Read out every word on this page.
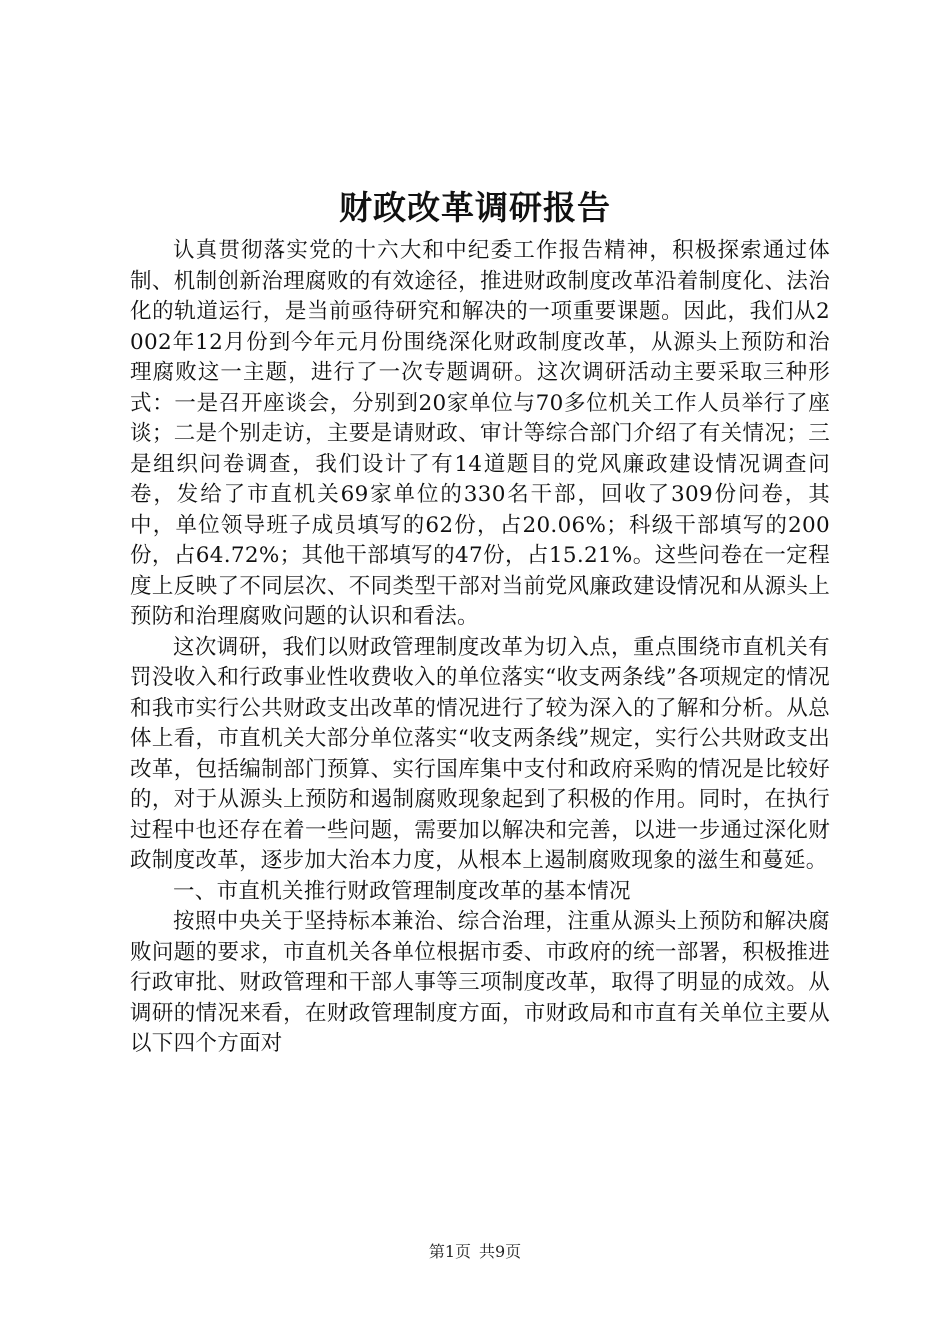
财政改革调研报告

认真贯彻落实党的十六大和中纪委工作报告精神，积极探索通过体制、机制创新治理腐败的有效途径，推进财政制度改革沿着制度化、法治化的轨道运行，是当前亟待研究和解决的一项重要课题。因此，我们从2002年12月份到今年元月份围绕深化财政制度改革，从源头上预防和治理腐败这一主题，进行了一次专题调研。这次调研活动主要采取三种形式：一是召开座谈会，分别到20家单位与70多位机关工作人员举行了座谈；二是个别走访，主要是请财政、审计等综合部门介绍了有关情况；三是组织问卷调查，我们设计了有14道题目的党风廉政建设情况调查问卷，发给了市直机关69家单位的330名干部，回收了309份问卷，其中，单位领导班子成员填写的62份，占20.06%；科级干部填写的200份，占64.72%；其他干部填写的47份，占15.21%。这些问卷在一定程度上反映了不同层次、不同类型干部对当前党风廉政建设情况和从源头上预防和治理腐败问题的认识和看法。

这次调研，我们以财政管理制度改革为切入点，重点围绕市直机关有罚没收入和行政事业性收费收入的单位落实“收支两条线”各项规定的情况和我市实行公共财政支出改革的情况进行了较为深入的了解和分析。从总体上看，市直机关大部分单位落实“收支两条线”规定，实行公共财政支出改革，包括编制部门预算、实行国库集中支付和政府采购的情况是比较好的，对于从源头上预防和遏制腐败现象起到了积极的作用。同时，在执行过程中也还存在着一些问题，需要加以解决和完善，以进一步通过深化财政制度改革，逐步加大治本力度，从根本上遏制腐败现象的滋生和蔓延。

一、市直机关推行财政管理制度改革的基本情况

按照中央关于坚持标本兼治、综合治理，注重从源头上预防和解决腐败问题的要求，市直机关各单位根据市委、市政府的统一部署，积极推进行政审批、财政管理和干部人事等三项制度改革，取得了明显的成效。从调研的情况来看，在财政管理制度方面，市财政局和市直有关单位主要从以下四个方面对

第1页 共9页
